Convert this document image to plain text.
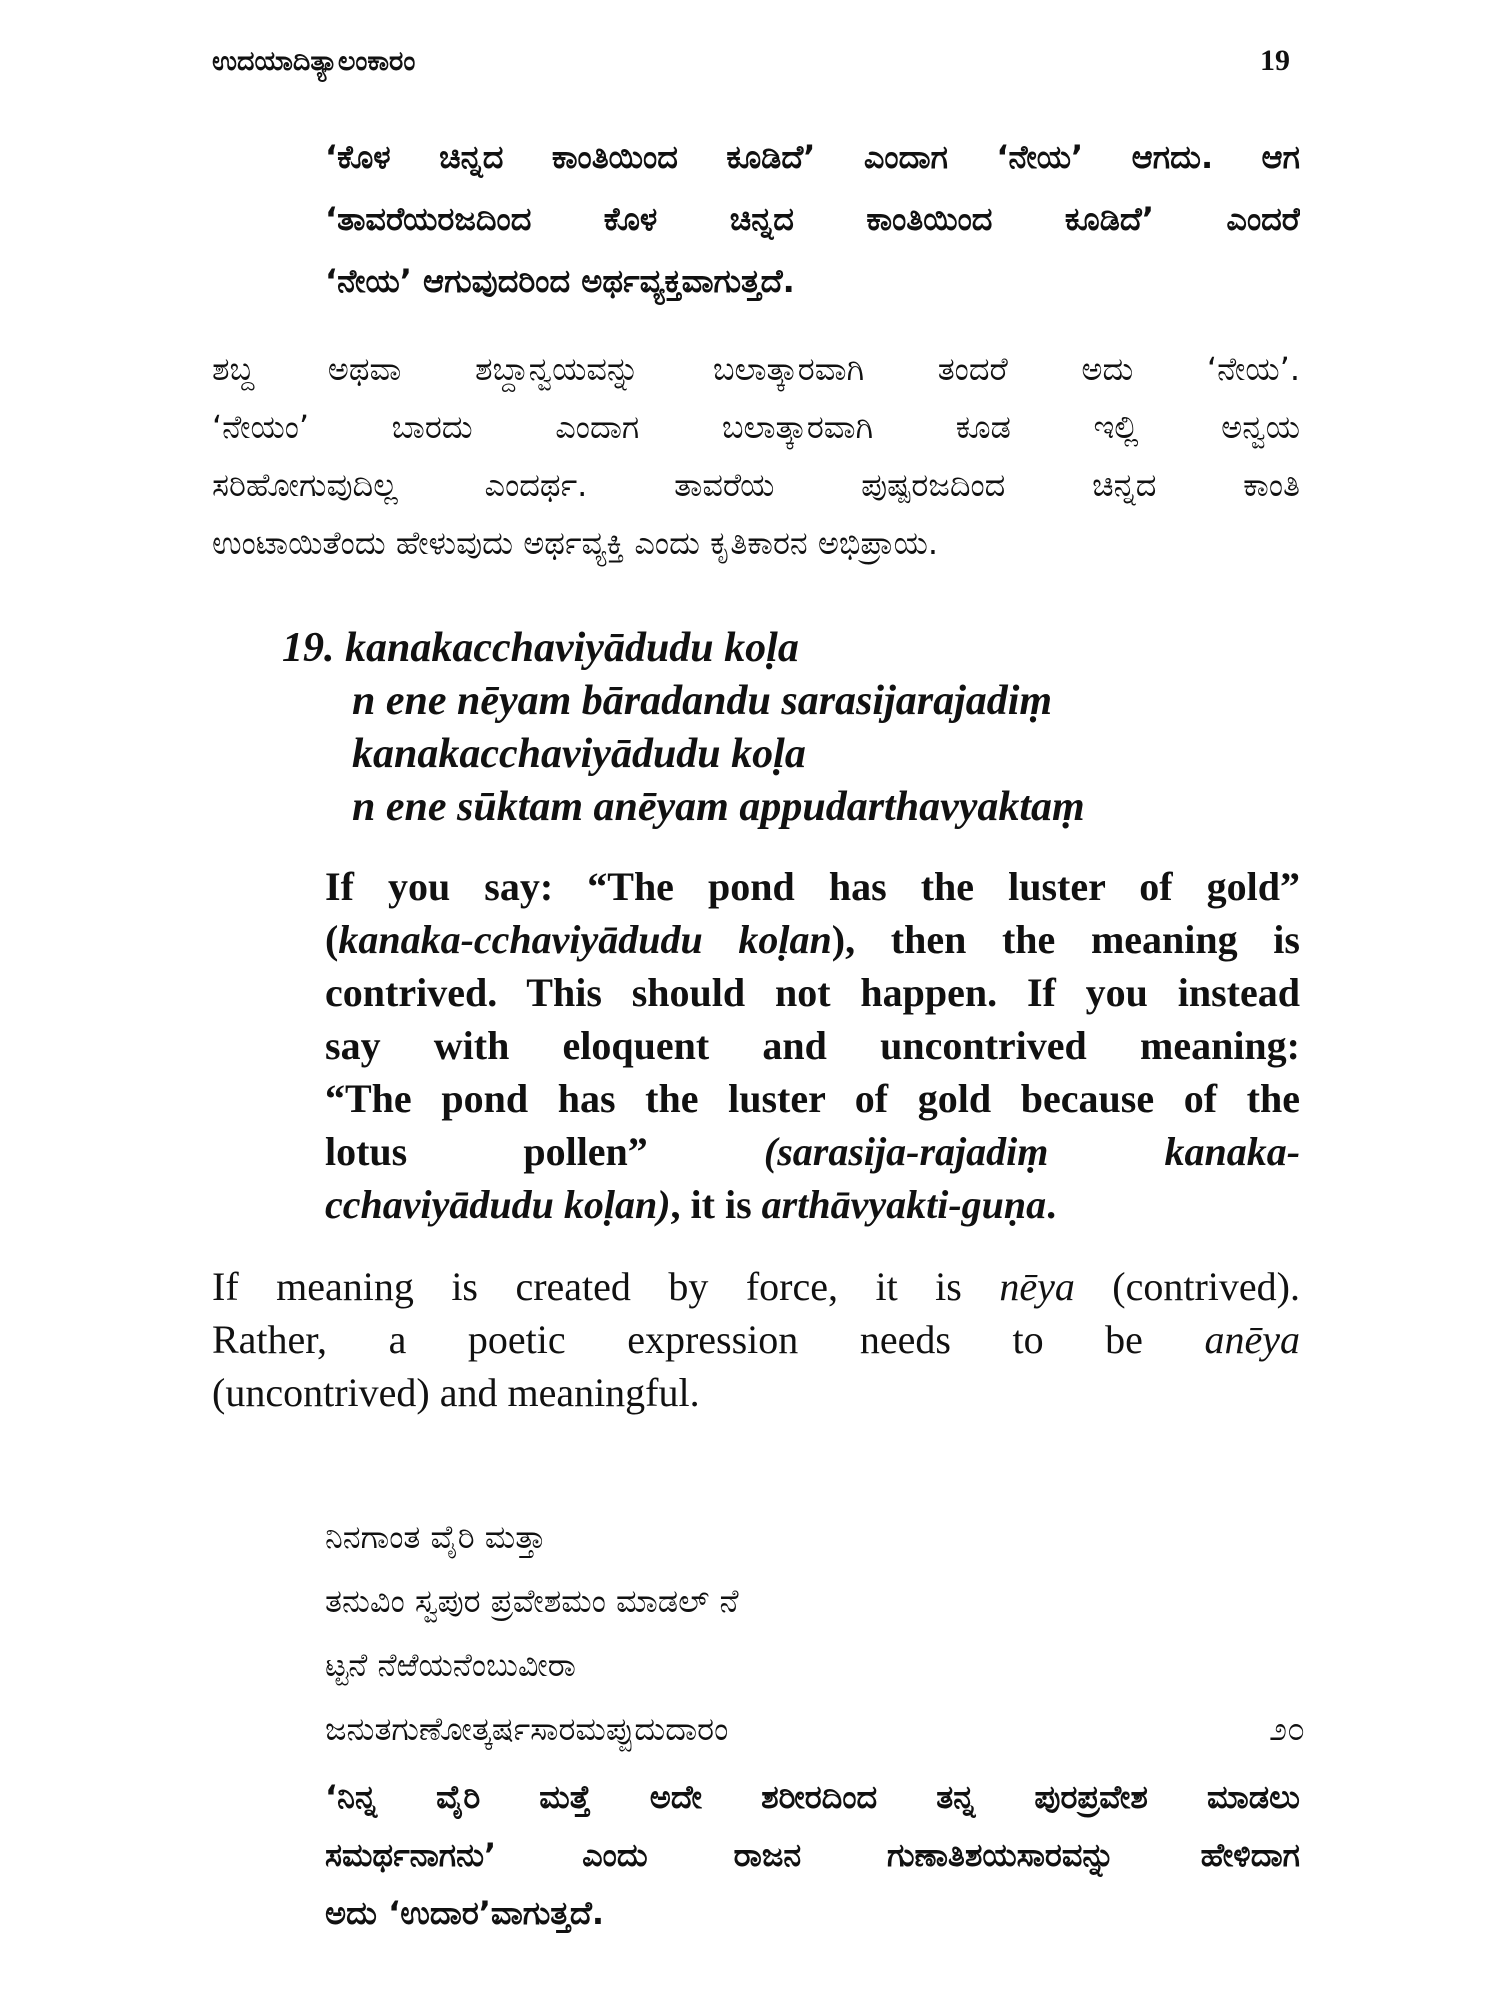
ಉದಯಾದಿತ್ಯಾಲಂಕಾರಂ	19
‘ಕೊಳ ಚಿನ್ನದ ಕಾಂತಿಯಿಂದ ಕೂಡಿದೆ’ ಎಂದಾಗ ‘ನೇಯ’ ಆಗದು. ಆಗ
‘ತಾವರೆಯರಜದಿಂದ ಕೊಳ ಚಿನ್ನದ ಕಾಂತಿಯಿಂದ ಕೂಡಿದೆ’ ಎಂದರೆ
‘ನೇಯ’ ಆಗುವುದರಿಂದ ಅರ್ಥವ್ಯಕ್ತವಾಗುತ್ತದೆ.
ಶಬ್ದ ಅಥವಾ ಶಬ್ದಾನ್ವಯವನ್ನು ಬಲಾತ್ಕಾರವಾಗಿ ತಂದರೆ ಅದು ‘ನೇಯ’.
‘ನೇಯಂ’ ಬಾರದು ಎಂದಾಗ ಬಲಾತ್ಕಾರವಾಗಿ ಕೂಡ ಇಲ್ಲಿ ಅನ್ವಯ
ಸರಿಹೋಗುವುದಿಲ್ಲ ಎಂದರ್ಥ. ತಾವರೆಯ ಪುಷ್ಪರಜದಿಂದ ಚಿನ್ನದ ಕಾಂತಿ
ಉಂಟಾಯಿತೆಂದು ಹೇಳುವುದು ಅರ್ಥವ್ಯಕ್ತಿ ಎಂದು ಕೃತಿಕಾರನ ಅಭಿಪ್ರಾಯ.
19. kanakacchaviyādudu koḷa
n ene nēyam bāradandu sarasijarajadiṃ
kanakacchaviyādudu koḷa
n ene sūktam anēyam appudarthavyaktaṃ
If you say: “The pond has the luster of gold”
(kanaka-cchaviyādudu koḷan), then the meaning is
contrived. This should not happen. If you instead
say with eloquent and uncontrived meaning:
“The pond has the luster of gold because of the
lotus	pollen”	(sarasija-rajadiṃ	kanaka-
cchaviyādudu koḷan), it is arthāvyakti-guṇa.
If meaning is created by force, it is nēya (contrived).
Rather, a poetic expression needs to be anēya
(uncontrived) and meaningful.
ನಿನಗಾಂತ ವೈರಿ ಮತ್ತಾ
ತನುವಿಂ ಸ್ವಪುರ ಪ್ರವೇಶಮಂ ಮಾಡಲ್ ನೆ
ಟ್ಟನೆ ನೆಱೆಯನೆಂಬುವೀರಾ
ಜನುತಗುಣೋತ್ಕರ್ಷಸಾರಮಪ್ಪುದುದಾರಂ	೨೦
‘ನಿನ್ನ ವೈರಿ ಮತ್ತೆ ಅದೇ ಶರೀರದಿಂದ ತನ್ನ ಪುರಪ್ರವೇಶ ಮಾಡಲು
ಸಮರ್ಥನಾಗನು’ ಎಂದು ರಾಜನ ಗುಣಾತಿಶಯಸಾರವನ್ನು ಹೇಳಿದಾಗ
ಅದು ‘ಉದಾರ’ವಾಗುತ್ತದೆ.
